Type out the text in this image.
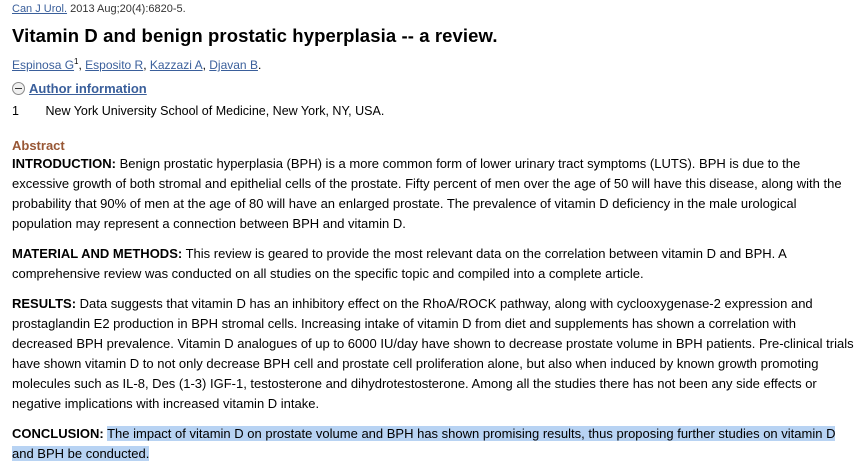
Can J Urol. 2013 Aug;20(4):6820-5.
Vitamin D and benign prostatic hyperplasia -- a review.
Espinosa $G^1$, Esposito R, Kazzazi A, Djavan B.
Author information
1 New York University School of Medicine, New York, NY, USA.
Abstract

INTRODUCTION: Benign prostatic hyperplasia (BPH) is a more common form of lower urinary tract symptoms (LUTS). BPH is due to the excessive growth of both stromal and epithelial cells of the prostate. Fifty percent of men over the age of 50 will have this disease, along with the probability that 90% of men at the age of 80 will have an enlarged prostate. The prevalence of vitamin D deficiency in the male urological population may represent a connection between BPH and vitamin D.

MATERIAL AND METHODS: This review is geared to provide the most relevant data on the correlation between vitamin D and BPH. A comprehensive review was conducted on all studies on the specific topic and compiled into a complete article.

RESULTS: Data suggests that vitamin D has an inhibitory effect on the RhoA/ROCK pathway, along with cyclooxygenase-2 expression and prostaglandin E2 production in BPH stromal cells. Increasing intake of vitamin D from diet and supplements has shown a correlation with decreased BPH prevalence. Vitamin D analogues of up to 6000 IU/day have shown to decrease prostate volume in BPH patients. Pre-clinical trials have shown vitamin D to not only decrease BPH cell and prostate cell proliferation alone, but also when induced by known growth promoting molecules such as IL-8, Des (1-3) IGF-1, testosterone and dihydrotestosterone. Among all the studies there has not been any side effects or negative implications with increased vitamin D intake.

CONCLUSION: The impact of vitamin D on prostate volume and BPH has shown promising results, thus proposing further studies on vitamin D and BPH be conducted.
